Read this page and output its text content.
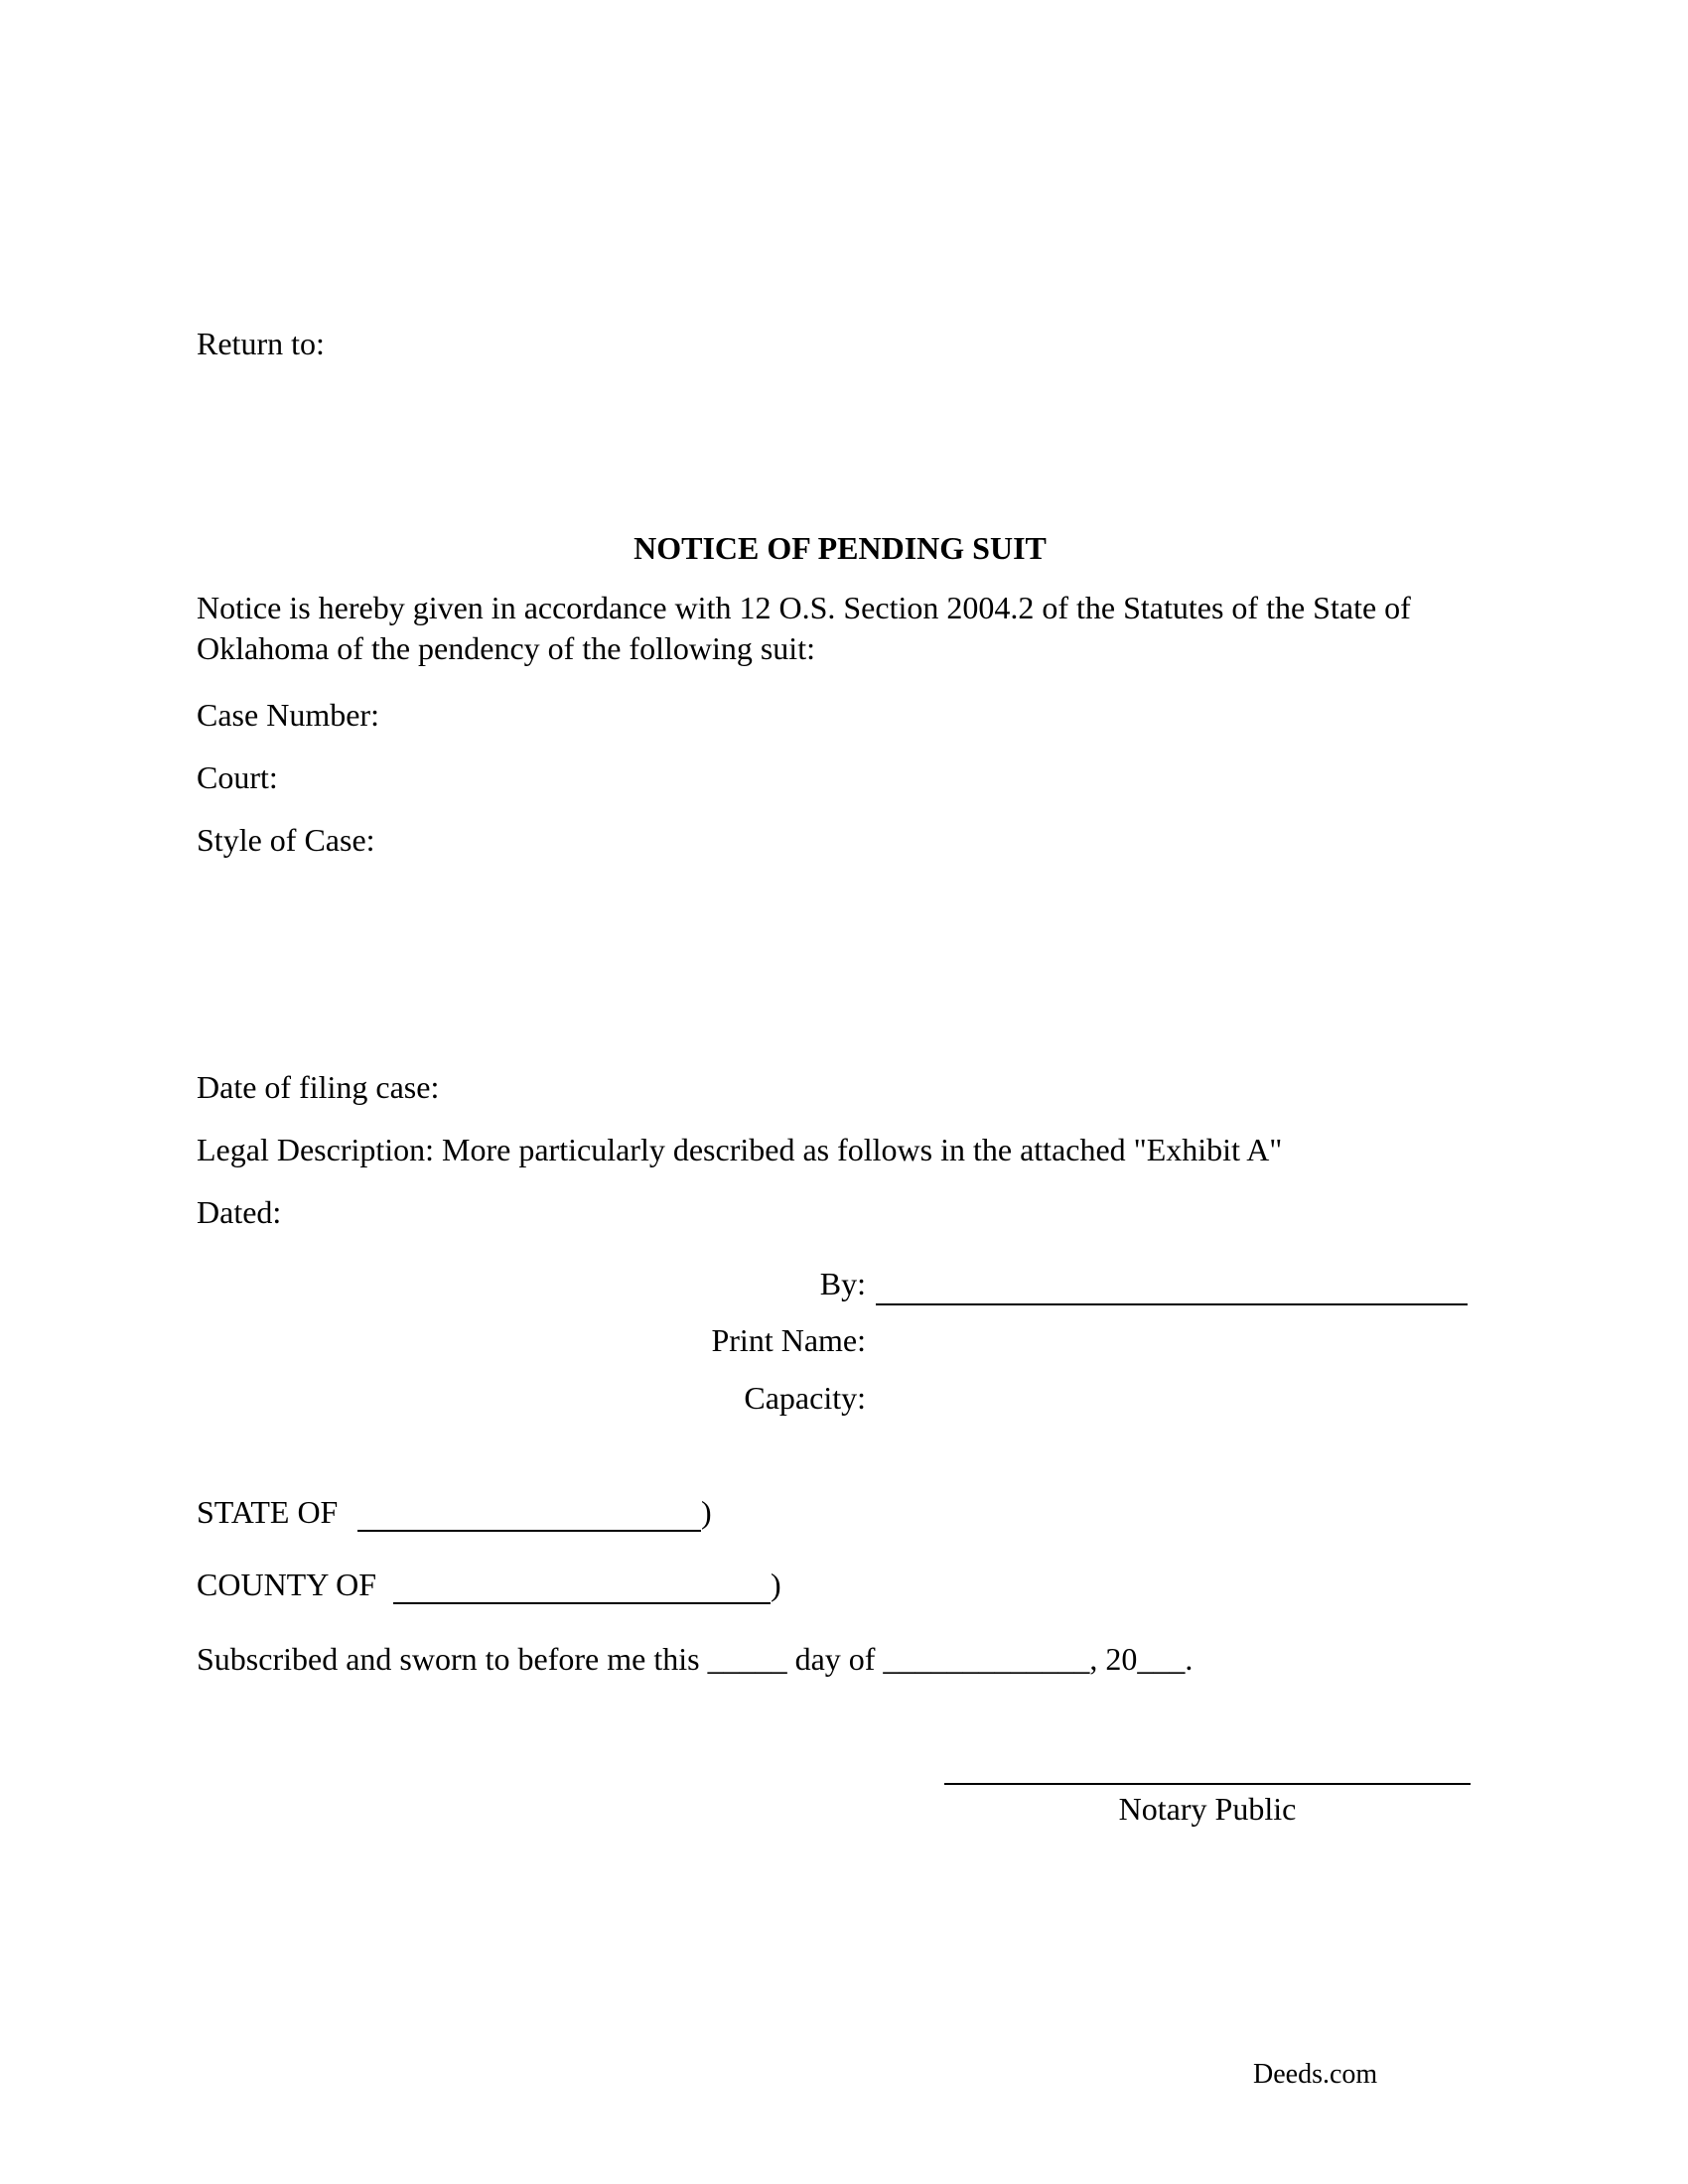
Return to:
NOTICE OF PENDING SUIT
Notice is hereby given in accordance with 12 O.S. Section 2004.2 of the Statutes of the State of Oklahoma of the pendency of the following suit:
Case Number:
Court:
Style of Case:
Date of filing case:
Legal Description: More particularly described as follows in the attached "Exhibit A"
Dated:
By:
Print Name:
Capacity:
STATE OF	)
COUNTY OF	)
Subscribed and sworn to before me this _____ day of _____________, 20___.
Notary Public
Deeds.com
